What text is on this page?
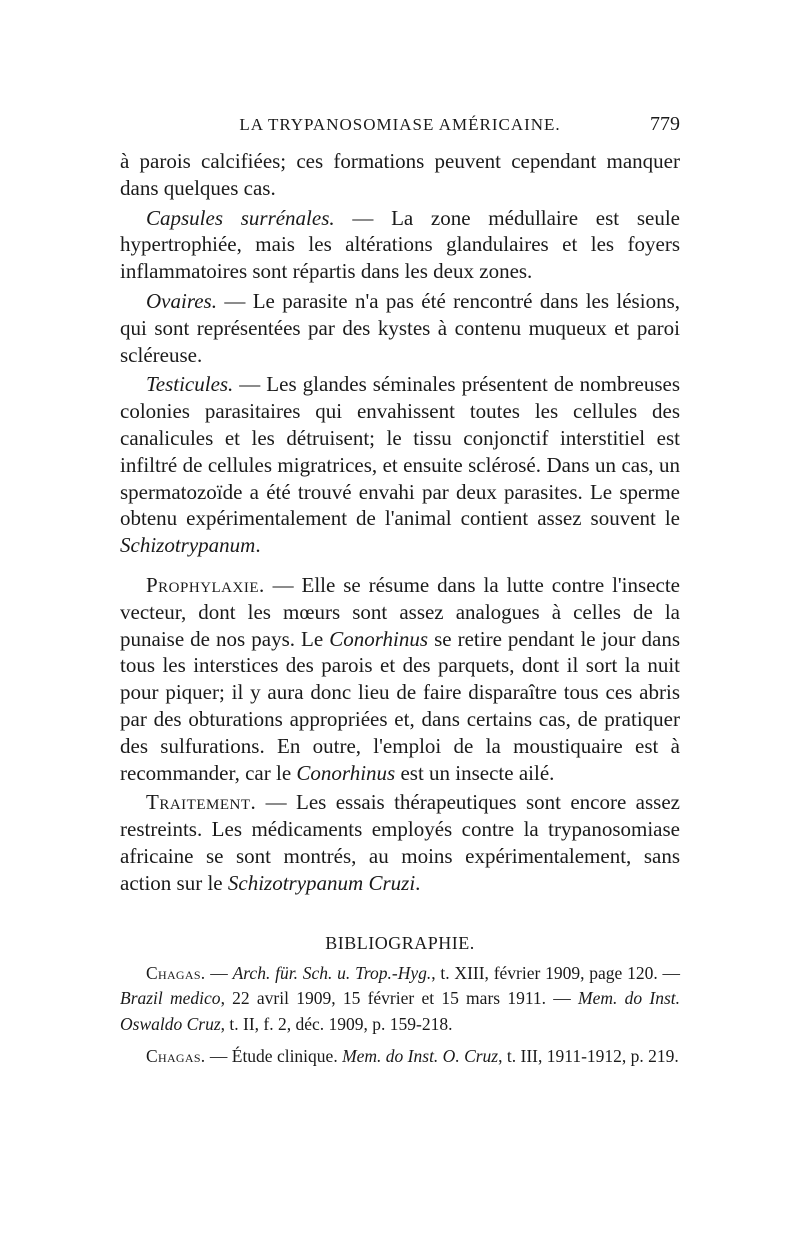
LA TRYPANOSOMIASE AMÉRICAINE.	779

à parois calcifiées; ces formations peuvent cependant manquer dans quelques cas.

Capsules surrénales. — La zone médullaire est seule hypertrophiée, mais les altérations glandulaires et les foyers inflammatoires sont répartis dans les deux zones.

Ovaires. — Le parasite n'a pas été rencontré dans les lésions, qui sont représentées par des kystes à contenu muqueux et paroi scléreuse.

Testicules. — Les glandes séminales présentent de nombreuses colonies parasitaires qui envahissent toutes les cellules des canalicules et les détruisent; le tissu conjonctif interstitiel est infiltré de cellules migratrices, et ensuite sclérosé. Dans un cas, un spermatozoïde a été trouvé envahi par deux parasites. Le sperme obtenu expérimentalement de l'animal contient assez souvent le Schizotrypanum.

Prophylaxie. — Elle se résume dans la lutte contre l'insecte vecteur, dont les mœurs sont assez analogues à celles de la punaise de nos pays. Le Conorhinus se retire pendant le jour dans tous les interstices des parois et des parquets, dont il sort la nuit pour piquer; il y aura donc lieu de faire disparaître tous ces abris par des obturations appropriées et, dans certains cas, de pratiquer des sulfurations. En outre, l'emploi de la moustiquaire est à recommander, car le Conorhinus est un insecte ailé.

Traitement. — Les essais thérapeutiques sont encore assez restreints. Les médicaments employés contre la trypanosomiase africaine se sont montrés, au moins expérimentalement, sans action sur le Schizotrypanum Cruzi.

BIBLIOGRAPHIE.

Chagas. — Arch. für. Sch. u. Trop.-Hyg., t. XIII, février 1909, page 120. — Brazil medico, 22 avril 1909, 15 février et 15 mars 1911. — Mem. do Inst. Oswaldo Cruz, t. II, f. 2, déc. 1909, p. 159-218.

Chagas. — Étude clinique. Mem. do Inst. O. Cruz, t. III, 1911-1912, p. 219.
